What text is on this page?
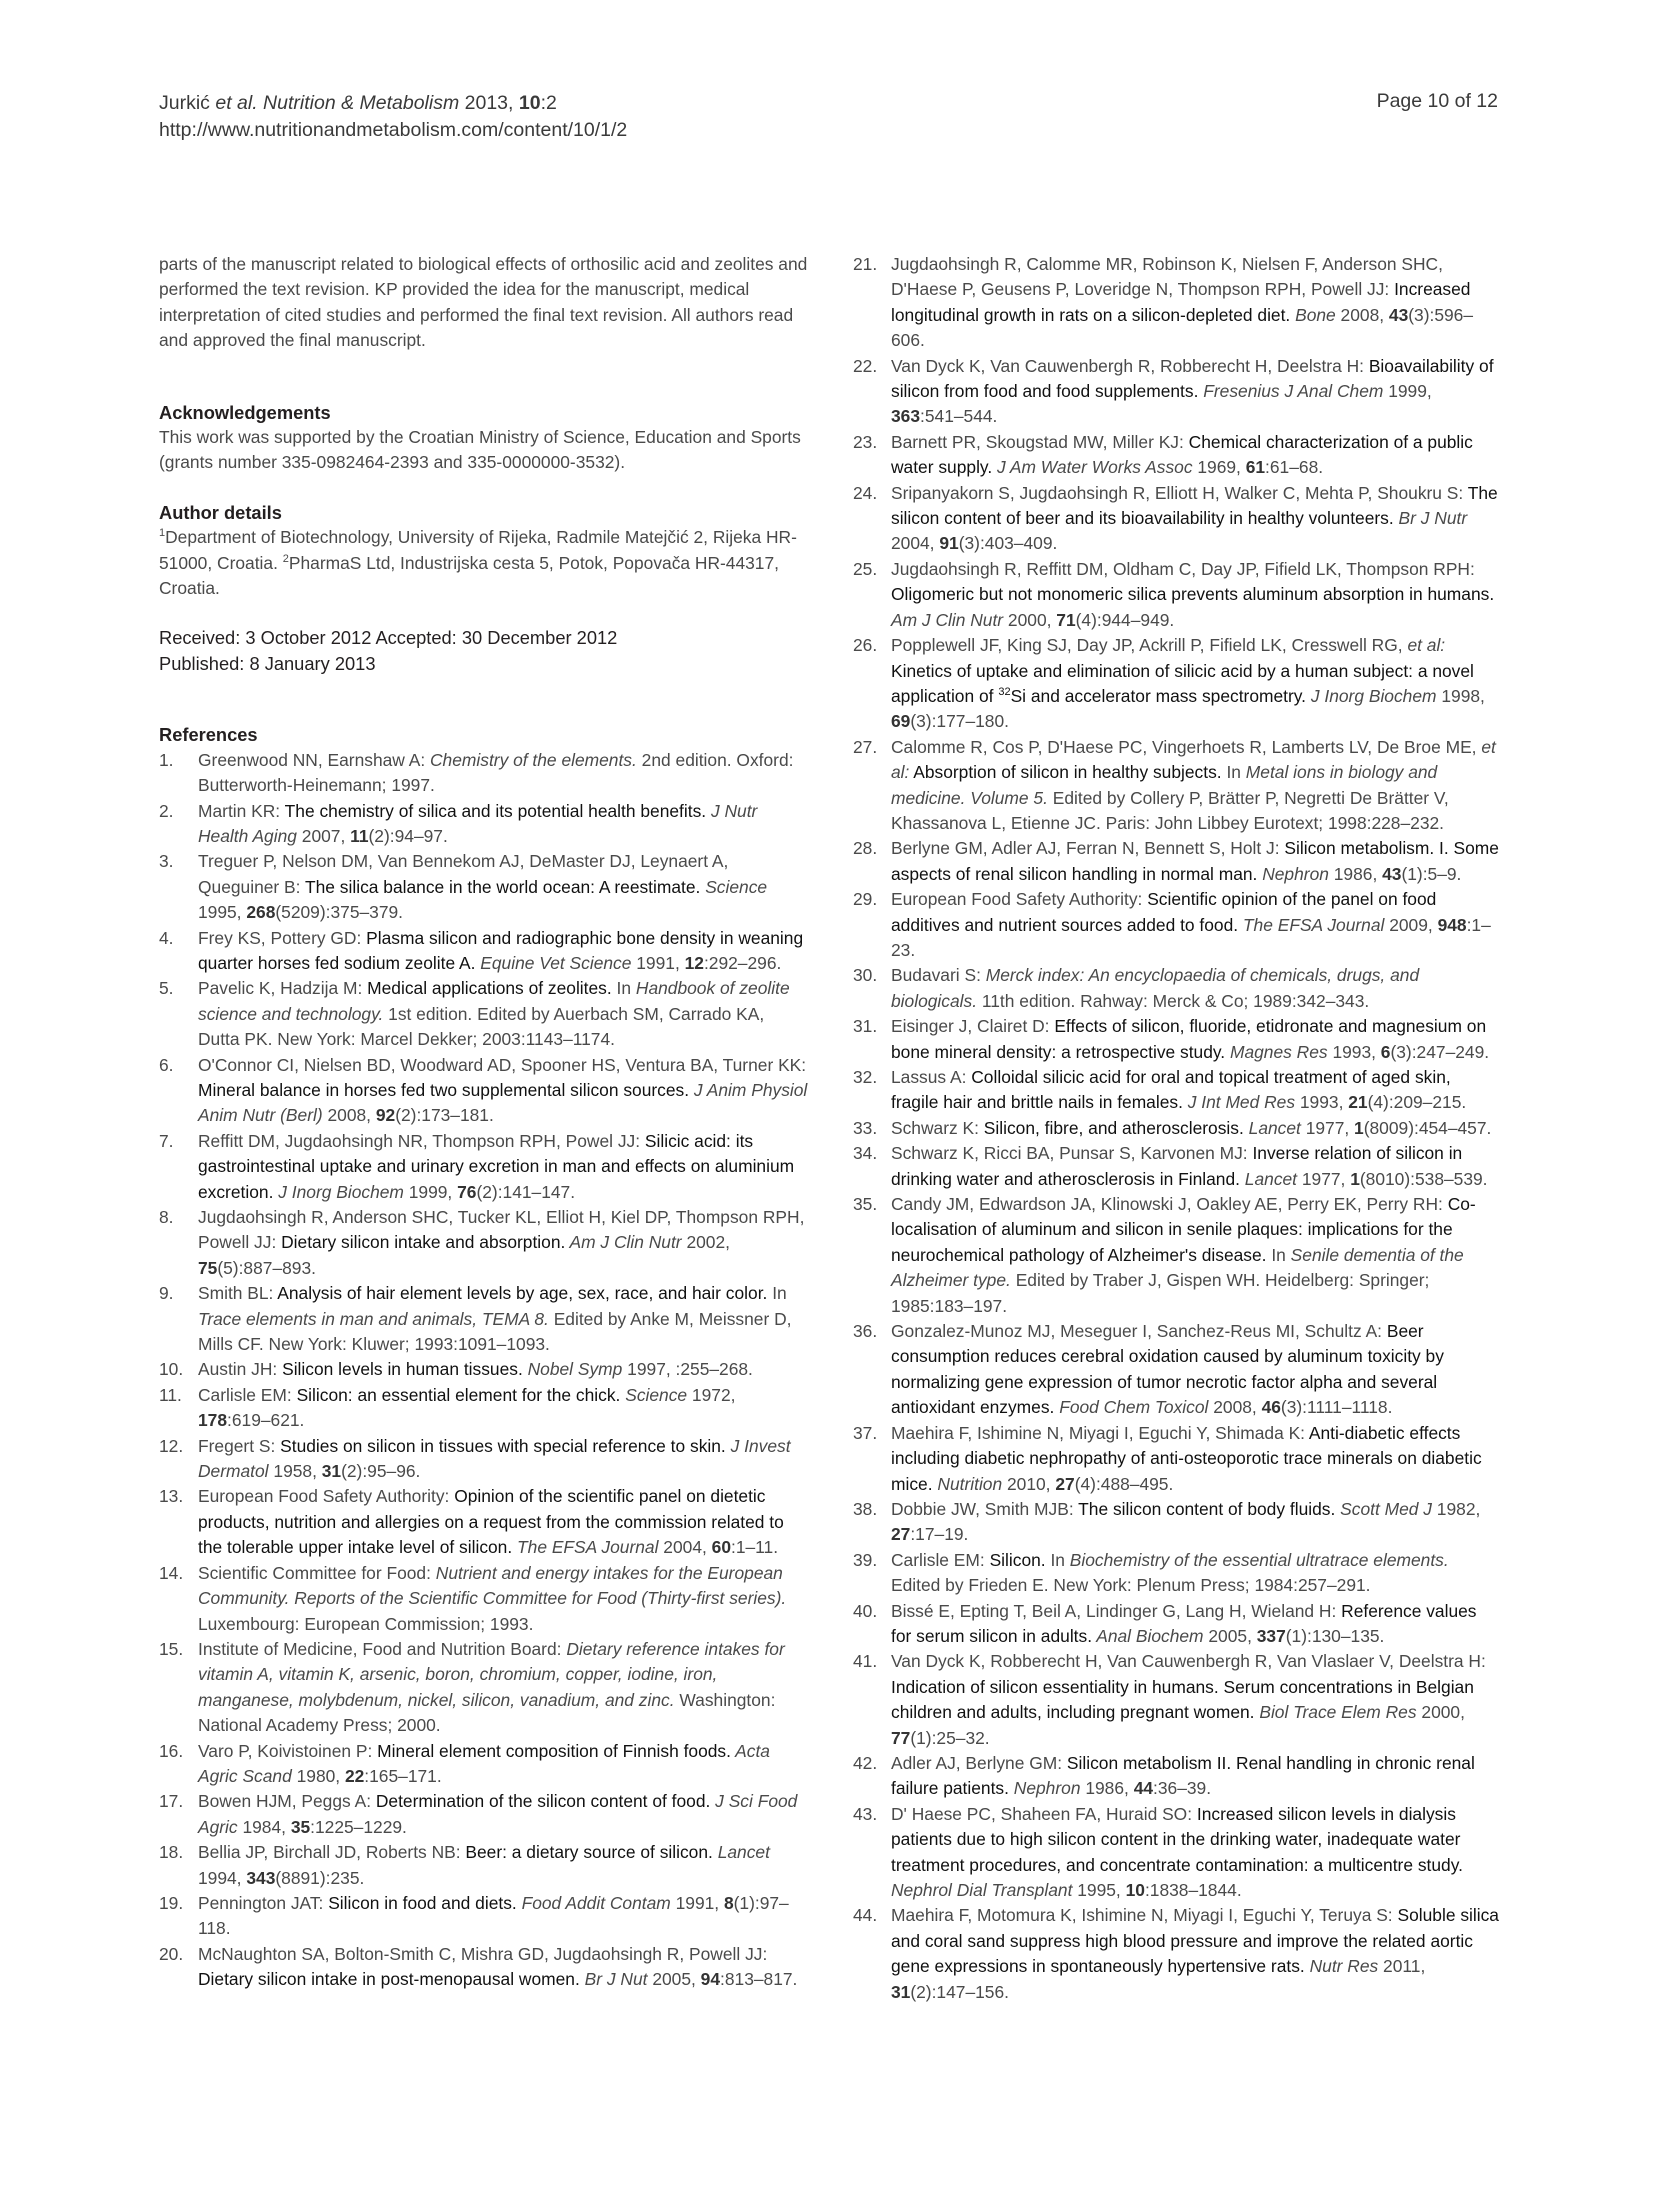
Jurkić et al. Nutrition & Metabolism 2013, 10:2
http://www.nutritionandmetabolism.com/content/10/1/2
Page 10 of 12

parts of the manuscript related to biological effects of orthosilic acid and zeolites and performed the text revision. KP provided the idea for the manuscript, medical interpretation of cited studies and performed the final text revision. All authors read and approved the final manuscript.

Acknowledgements

This work was supported by the Croatian Ministry of Science, Education and Sports (grants number 335-0982464-2393 and 335-0000000-3532).

Author details

$^1$Department of Biotechnology, University of Rijeka, Radmile Matejčić 2, Rijeka HR-51000, Croatia. $^2$PharmaS Ltd, Industrijska cesta 5, Potok, Popovača HR-44317, Croatia.

Received: 3 October 2012 Accepted: 30 December 2012

Published: 8 January 2013

References

1.	Greenwood NN, Earnshaw A: Chemistry of the elements. 2nd edition. Oxford: Butterworth-Heinemann; 1997.
2.	Martin KR: The chemistry of silica and its potential health benefits. J Nutr Health Aging 2007, 11(2):94–97.
3.	Treguer P, Nelson DM, Van Bennekom AJ, DeMaster DJ, Leynaert A, Queguiner B: The silica balance in the world ocean: A reestimate. Science 1995, 268(5209):375–379.
4.	Frey KS, Pottery GD: Plasma silicon and radiographic bone density in weaning quarter horses fed sodium zeolite A. Equine Vet Science 1991, 12:292–296.
5.	Pavelic K, Hadzija M: Medical applications of zeolites. In Handbook of zeolite science and technology. 1st edition. Edited by Auerbach SM, Carrado KA, Dutta PK. New York: Marcel Dekker; 2003:1143–1174.
6.	O'Connor CI, Nielsen BD, Woodward AD, Spooner HS, Ventura BA, Turner KK: Mineral balance in horses fed two supplemental silicon sources. J Anim Physiol Anim Nutr (Berl) 2008, 92(2):173–181.
7.	Reffitt DM, Jugdaohsingh NR, Thompson RPH, Powel JJ: Silicic acid: its gastrointestinal uptake and urinary excretion in man and effects on aluminium excretion. J Inorg Biochem 1999, 76(2):141–147.
8.	Jugdaohsingh R, Anderson SHC, Tucker KL, Elliot H, Kiel DP, Thompson RPH, Powell JJ: Dietary silicon intake and absorption. Am J Clin Nutr 2002, 75(5):887–893.
9.	Smith BL: Analysis of hair element levels by age, sex, race, and hair color. In Trace elements in man and animals, TEMA 8. Edited by Anke M, Meissner D, Mills CF. New York: Kluwer; 1993:1091–1093.
10. Austin JH: Silicon levels in human tissues. Nobel Symp 1997, :255–268.
11. Carlisle EM: Silicon: an essential element for the chick. Science 1972, 178:619–621.
12. Fregert S: Studies on silicon in tissues with special reference to skin. J Invest Dermatol 1958, 31(2):95–96.
13. European Food Safety Authority: Opinion of the scientific panel on dietetic products, nutrition and allergies on a request from the commission related to the tolerable upper intake level of silicon. The EFSA Journal 2004, 60:1–11.
14. Scientific Committee for Food: Nutrient and energy intakes for the European Community. Reports of the Scientific Committee for Food (Thirty-first series). Luxembourg: European Commission; 1993.
15. Institute of Medicine, Food and Nutrition Board: Dietary reference intakes for vitamin A, vitamin K, arsenic, boron, chromium, copper, iodine, iron, manganese, molybdenum, nickel, silicon, vanadium, and zinc. Washington: National Academy Press; 2000.
16. Varo P, Koivistoinen P: Mineral element composition of Finnish foods. Acta Agric Scand 1980, 22:165–171.
17. Bowen HJM, Peggs A: Determination of the silicon content of food. J Sci Food Agric 1984, 35:1225–1229.
18. Bellia JP, Birchall JD, Roberts NB: Beer: a dietary source of silicon. Lancet 1994, 343(8891):235.
19. Pennington JAT: Silicon in food and diets. Food Addit Contam 1991, 8(1):97–118.
20. McNaughton SA, Bolton-Smith C, Mishra GD, Jugdaohsingh R, Powell JJ: Dietary silicon intake in post-menopausal women. Br J Nut 2005, 94:813–817.
21. Jugdaohsingh R, Calomme MR, Robinson K, Nielsen F, Anderson SHC, D'Haese P, Geusens P, Loveridge N, Thompson RPH, Powell JJ: Increased longitudinal growth in rats on a silicon-depleted diet. Bone 2008, 43(3):596–606.
22. Van Dyck K, Van Cauwenbergh R, Robberecht H, Deelstra H: Bioavailability of silicon from food and food supplements. Fresenius J Anal Chem 1999, 363:541–544.
23. Barnett PR, Skougstad MW, Miller KJ: Chemical characterization of a public water supply. J Am Water Works Assoc 1969, 61:61–68.
24. Sripanyakorn S, Jugdaohsingh R, Elliott H, Walker C, Mehta P, Shoukru S: The silicon content of beer and its bioavailability in healthy volunteers. Br J Nutr 2004, 91(3):403–409.
25. Jugdaohsingh R, Reffitt DM, Oldham C, Day JP, Fifield LK, Thompson RPH: Oligomeric but not monomeric silica prevents aluminum absorption in humans. Am J Clin Nutr 2000, 71(4):944–949.
26. Popplewell JF, King SJ, Day JP, Ackrill P, Fifield LK, Cresswell RG, et al: Kinetics of uptake and elimination of silicic acid by a human subject: a novel application of $^{32}$Si and accelerator mass spectrometry. J Inorg Biochem 1998, 69(3):177–180.
27. Calomme R, Cos P, D'Haese PC, Vingerhoets R, Lamberts LV, De Broe ME, et al: Absorption of silicon in healthy subjects. In Metal ions in biology and medicine. Volume 5. Edited by Collery P, Brätter P, Negretti De Brätter V, Khassanova L, Etienne JC. Paris: John Libbey Eurotext; 1998:228–232.
28. Berlyne GM, Adler AJ, Ferran N, Bennett S, Holt J: Silicon metabolism. I. Some aspects of renal silicon handling in normal man. Nephron 1986, 43(1):5–9.
29. European Food Safety Authority: Scientific opinion of the panel on food additives and nutrient sources added to food. The EFSA Journal 2009, 948:1–23.
30. Budavari S: Merck index: An encyclopaedia of chemicals, drugs, and biologicals. 11th edition. Rahway: Merck & Co; 1989:342–343.
31. Eisinger J, Clairet D: Effects of silicon, fluoride, etidronate and magnesium on bone mineral density: a retrospective study. Magnes Res 1993, 6(3):247–249.
32. Lassus A: Colloidal silicic acid for oral and topical treatment of aged skin, fragile hair and brittle nails in females. J Int Med Res 1993, 21(4):209–215.
33. Schwarz K: Silicon, fibre, and atherosclerosis. Lancet 1977, 1(8009):454–457.
34. Schwarz K, Ricci BA, Punsar S, Karvonen MJ: Inverse relation of silicon in drinking water and atherosclerosis in Finland. Lancet 1977, 1(8010):538–539.
35. Candy JM, Edwardson JA, Klinowski J, Oakley AE, Perry EK, Perry RH: Co-localisation of aluminum and silicon in senile plaques: implications for the neurochemical pathology of Alzheimer's disease. In Senile dementia of the Alzheimer type. Edited by Traber J, Gispen WH. Heidelberg: Springer; 1985:183–197.
36. Gonzalez-Munoz MJ, Meseguer I, Sanchez-Reus MI, Schultz A: Beer consumption reduces cerebral oxidation caused by aluminum toxicity by normalizing gene expression of tumor necrotic factor alpha and several antioxidant enzymes. Food Chem Toxicol 2008, 46(3):1111–1118.
37. Maehira F, Ishimine N, Miyagi I, Eguchi Y, Shimada K: Anti-diabetic effects including diabetic nephropathy of anti-osteoporotic trace minerals on diabetic mice. Nutrition 2010, 27(4):488–495.
38. Dobbie JW, Smith MJB: The silicon content of body fluids. Scott Med J 1982, 27:17–19.
39. Carlisle EM: Silicon. In Biochemistry of the essential ultratrace elements. Edited by Frieden E. New York: Plenum Press; 1984:257–291.
40. Bissé E, Epting T, Beil A, Lindinger G, Lang H, Wieland H: Reference values for serum silicon in adults. Anal Biochem 2005, 337(1):130–135.
41. Van Dyck K, Robberecht H, Van Cauwenbergh R, Van Vlaslaer V, Deelstra H: Indication of silicon essentiality in humans. Serum concentrations in Belgian children and adults, including pregnant women. Biol Trace Elem Res 2000, 77(1):25–32.
42. Adler AJ, Berlyne GM: Silicon metabolism II. Renal handling in chronic renal failure patients. Nephron 1986, 44:36–39.
43. D' Haese PC, Shaheen FA, Huraid SO: Increased silicon levels in dialysis patients due to high silicon content in the drinking water, inadequate water treatment procedures, and concentrate contamination: a multicentre study. Nephrol Dial Transplant 1995, 10:1838–1844.
44. Maehira F, Motomura K, Ishimine N, Miyagi I, Eguchi Y, Teruya S: Soluble silica and coral sand suppress high blood pressure and improve the related aortic gene expressions in spontaneously hypertensive rats. Nutr Res 2011, 31(2):147–156.
